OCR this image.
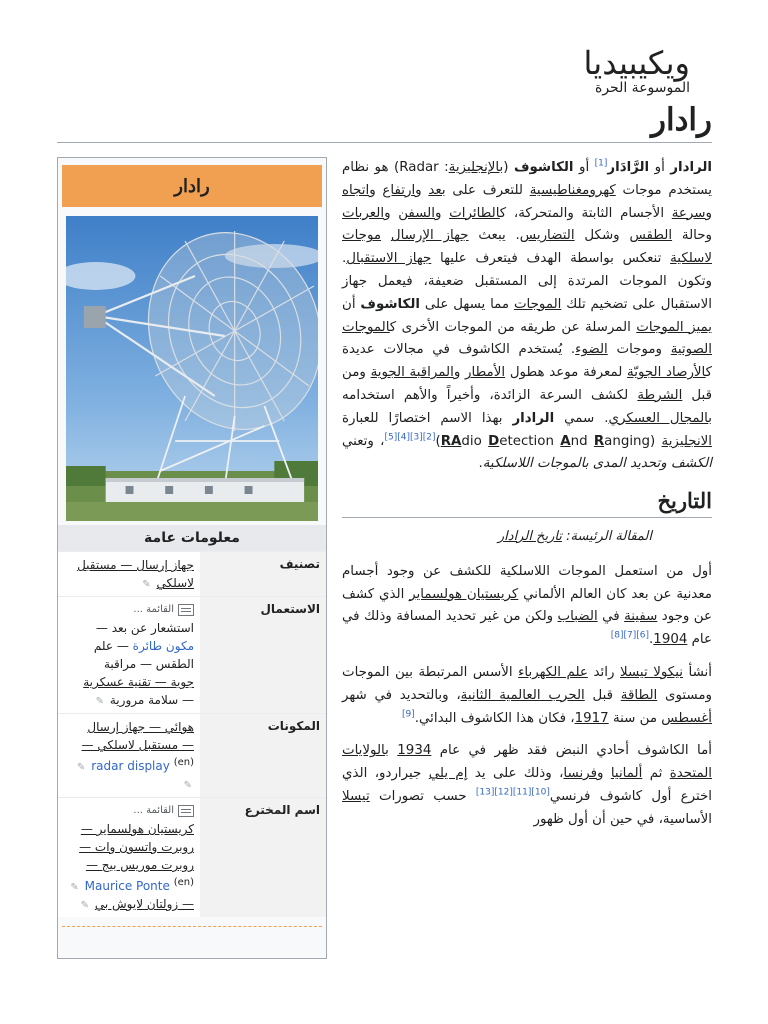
ويكيبيديا
الموسوعة الحرة
رادار
رادار
معلومات عامة
تصنيف
جهاز إرسال — مستقبل
لاسلكي ✎
الاستعمال
القائمة ...
استشعار عن بعد —
مكون طائرة — علم
الطقس — مراقبة
جوية — تقنية عسكرية
— سلامة مرورية ✎
المكونات
هوائي — جهاز إرسال
— مستقبل لاسلكي —
$^{(en)}$ radar display ✎
✎
اسم المخترع
القائمة ...
كريستيان هولسماير —
روبرت واتسون وات —
روبرت موريس بيج —
$^{(en)}$ Maurice Ponte ✎
— زولتان لايوش بي ✎

الرادار أو الرَّادَار[1] أو الكاشوف (بالإنجليزية: Radar) هو نظام يستخدم موجات كهرومغناطيسية للتعرف على بعد وارتفاع واتجاه وسرعة الأجسام الثابتة والمتحركة، كالطائرات والسفن والعربات وحالة الطقس وشكل التضاريس. يبعث جهاز الإرسال موجات لاسلكية تنعكس بواسطة الهدف فيتعرف عليها جهاز الاستقبال. وتكون الموجات المرتدة إلى المستقبل ضعيفة، فيعمل جهاز الاستقبال على تضخيم تلك الموجات مما يسهل على الكاشوف أن يميز الموجات المرسلة عن طريقه من الموجات الأخرى كالموجات الصوتية وموجات الضوء. يُستخدم الكاشوف في مجالات عديدة كالأرصاد الجويّة لمعرفة موعد هطول الأمطار والمراقبة الجوية ومن قبل الشرطة لكشف السرعة الزائدة، وأخيراً والأهم استخدامه بالمجال العسكري. سمي الرادار بهذا الاسم اختصارًا للعبارة الانجليزية (RAdio Detection And Ranging)[2][3][4][5]، وتعني الكشف وتحديد المدى بالموجات اللاسلكية.

التاريخ
المقالة الرئيسة: تاريخ الرادار

أول من استعمل الموجات اللاسلكية للكشف عن وجود أجسام معدنية عن بعد كان العالم الألماني كريستيان هولسماير الذي كشف عن وجود سفينة في الضباب ولكن من غير تحديد المسافة وذلك في عام 1904.[6][7][8]

أنشأ نيكولا تيسلا رائد علم الكهرباء الأسس المرتبطة بين الموجات ومستوى الطاقة قبل الحرب العالمية الثانية، وبالتحديد في شهر أغسطس من سنة 1917، فكان هذا الكاشوف البدائي.[9]

أما الكاشوف أحادي النبض فقد ظهر في عام 1934 بالولايات المتحدة ثم ألمانيا وفرنسا، وذلك على يد إم يلي جيراردو، الذي اخترع أول كاشوف فرنسي[10][11][12][13] حسب تصورات تيسلا الأساسية، في حين أن أول ظهور
